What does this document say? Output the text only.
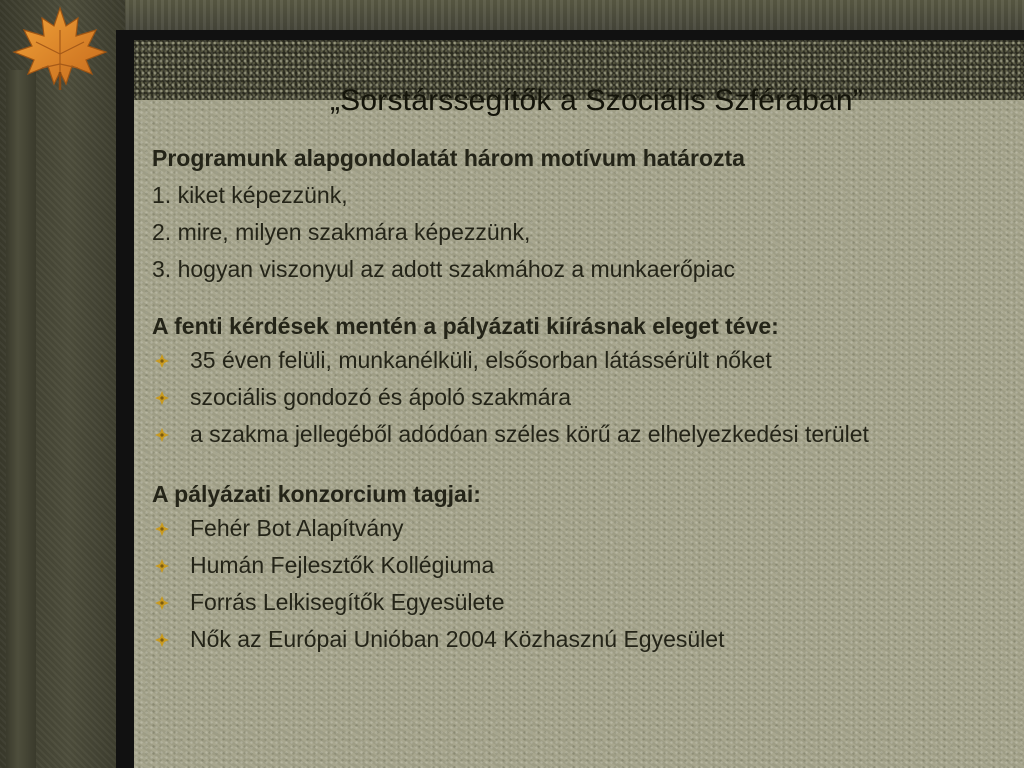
„Sorstárssegítők a Szociális Szférában”

Programunk alapgondolatát három motívum határozta

1. kiket képezzünk,

2. mire, milyen szakmára képezzünk,

3. hogyan viszonyul az adott szakmához a munkaerőpiac

A fenti kérdések mentén a pályázati kiírásnak eleget téve:

35 éven felüli, munkanélküli, elsősorban látássérült nőket
szociális gondozó és ápoló szakmára
a szakma jellegéből adódóan széles körű az elhelyezkedési terület

A pályázati konzorcium tagjai:

Fehér Bot Alapítvány
Humán Fejlesztők Kollégiuma
Forrás Lelkisegítők Egyesülete
Nők az Európai Unióban 2004 Közhasznú Egyesület
